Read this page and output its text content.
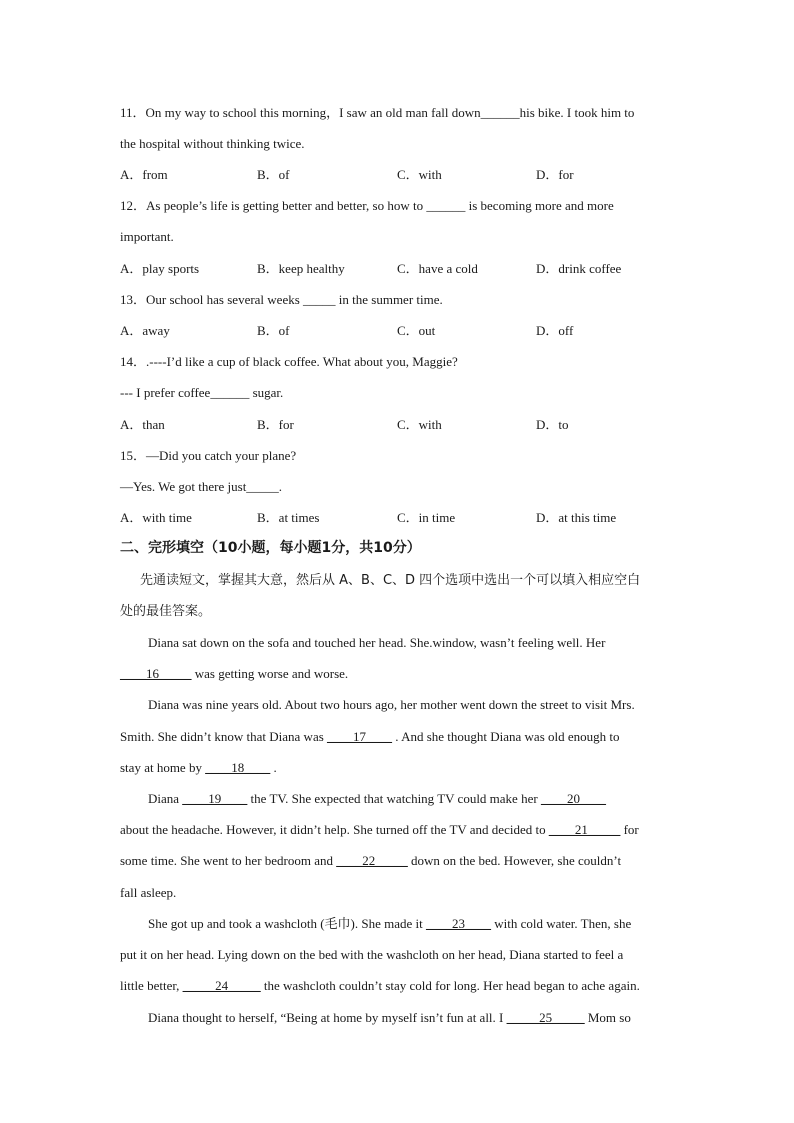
11．On my way to school this morning，I saw an old man fall down______his bike. I took him to
the hospital without thinking twice.
A．from	B．of	C．with	D．for
12．As people’s life is getting better and better, so how to ______ is becoming more and more
important.
A．play sports	B．keep healthy	C．have a cold	D．drink coffee
13．Our school has several weeks _____ in the summer time.
A．away	B．of	C．out	D．off
14．.----I’d like a cup of black coffee. What about you, Maggie?
--- I prefer coffee______ sugar.
A．than	B．for	C．with	D．to
15．—Did you catch your plane?
—Yes. We got there just_____.
A．with time	B．at times	C．in time	D．at this time
二、完形填空（10小题，每小题1分，共10分）
先通读短文，掌握其大意，然后从 A、B、C、D 四个选项中选出一个可以填入相应空白
处的最佳答案。
Diana sat down on the sofa and touched her head. She.window, wasn’t feeling well. Her
____16_____ was getting worse and worse.
Diana was nine years old. About two hours ago, her mother went down the street to visit Mrs.
Smith. She didn’t know that Diana was ____17____ . And she thought Diana was old enough to
stay at home by ____18____ .
Diana ____19____ the TV. She expected that watching TV could make her ____20____
about the headache. However, it didn’t help. She turned off the TV and decided to ____21_____ for
some time. She went to her bedroom and ____22_____ down on the bed. However, she couldn’t
fall asleep.
She got up and took a washcloth (毛巾). She made it ____23____ with cold water. Then, she
put it on her head. Lying down on the bed with the washcloth on her head, Diana started to feel a
little better, _____24_____ the washcloth couldn’t stay cold for long. Her head began to ache again.
Diana thought to herself, “Being at home by myself isn’t fun at all. I _____25_____ Mom so
